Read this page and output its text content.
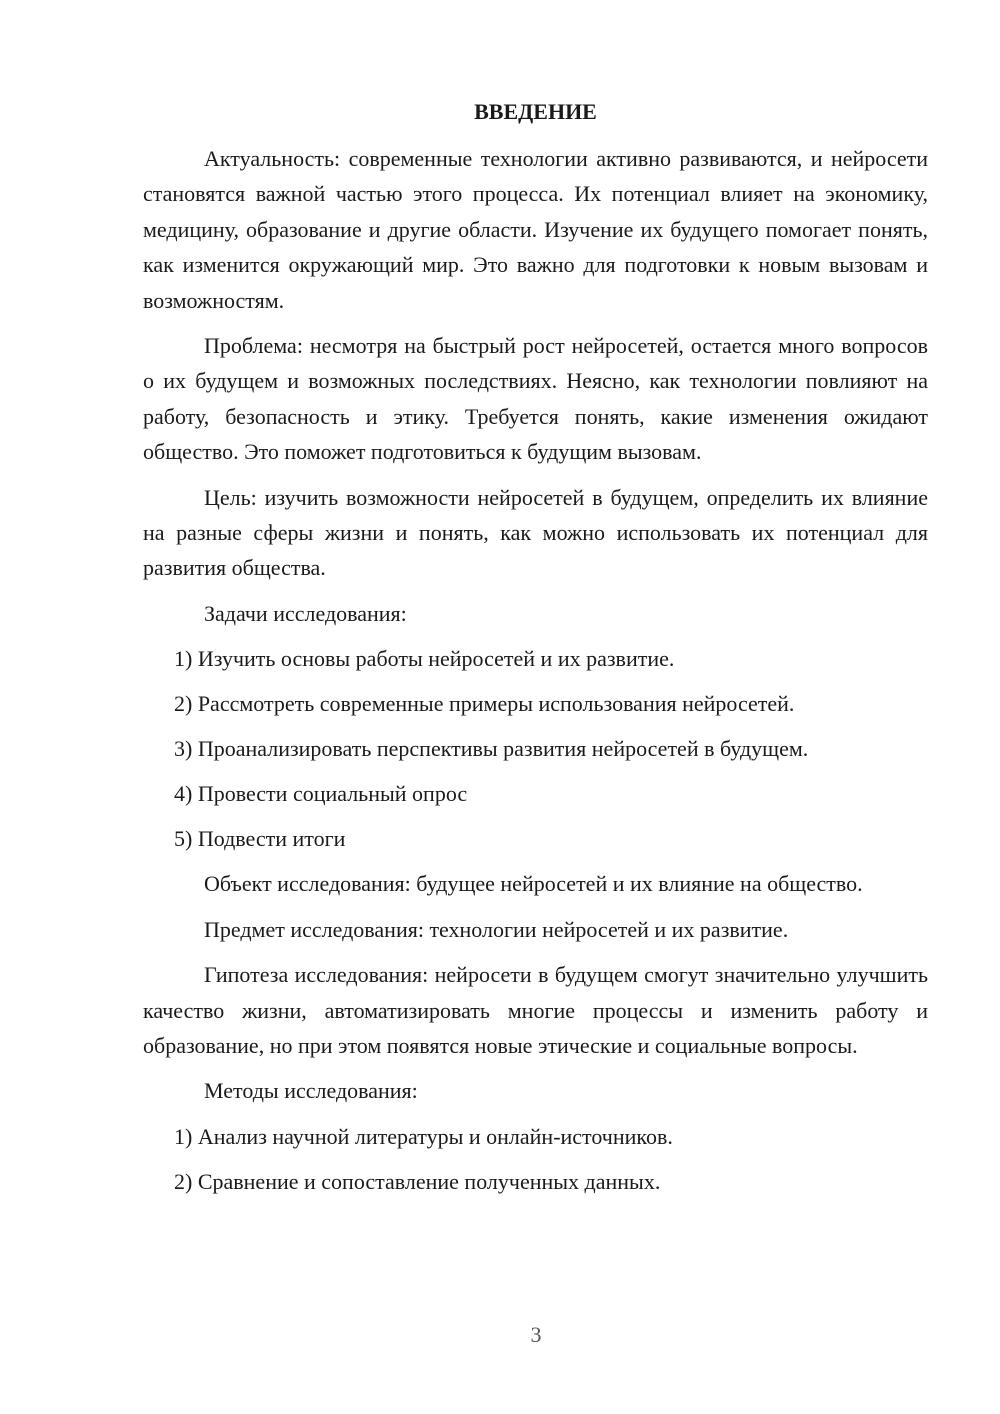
ВВЕДЕНИЕ

Актуальность: современные технологии активно развиваются, и нейросети становятся важной частью этого процесса. Их потенциал влияет на экономику, медицину, образование и другие области. Изучение их будущего помогает понять, как изменится окружающий мир. Это важно для подготовки к новым вызовам и возможностям.

Проблема: несмотря на быстрый рост нейросетей, остается много вопросов о их будущем и возможных последствиях. Неясно, как технологии повлияют на работу, безопасность и этику. Требуется понять, какие изменения ожидают общество. Это поможет подготовиться к будущим вызовам.

Цель: изучить возможности нейросетей в будущем, определить их влияние на разные сферы жизни и понять, как можно использовать их потенциал для развития общества.

Задачи исследования:

1) Изучить основы работы нейросетей и их развитие.

2) Рассмотреть современные примеры использования нейросетей.

3) Проанализировать перспективы развития нейросетей в будущем.

4) Провести социальный опрос

5) Подвести итоги

Объект исследования: будущее нейросетей и их влияние на общество.

Предмет исследования: технологии нейросетей и их развитие.

Гипотеза исследования: нейросети в будущем смогут значительно улучшить качество жизни, автоматизировать многие процессы и изменить работу и образование, но при этом появятся новые этические и социальные вопросы.

Методы исследования:

1) Анализ научной литературы и онлайн-источников.

2) Сравнение и сопоставление полученных данных.

3
